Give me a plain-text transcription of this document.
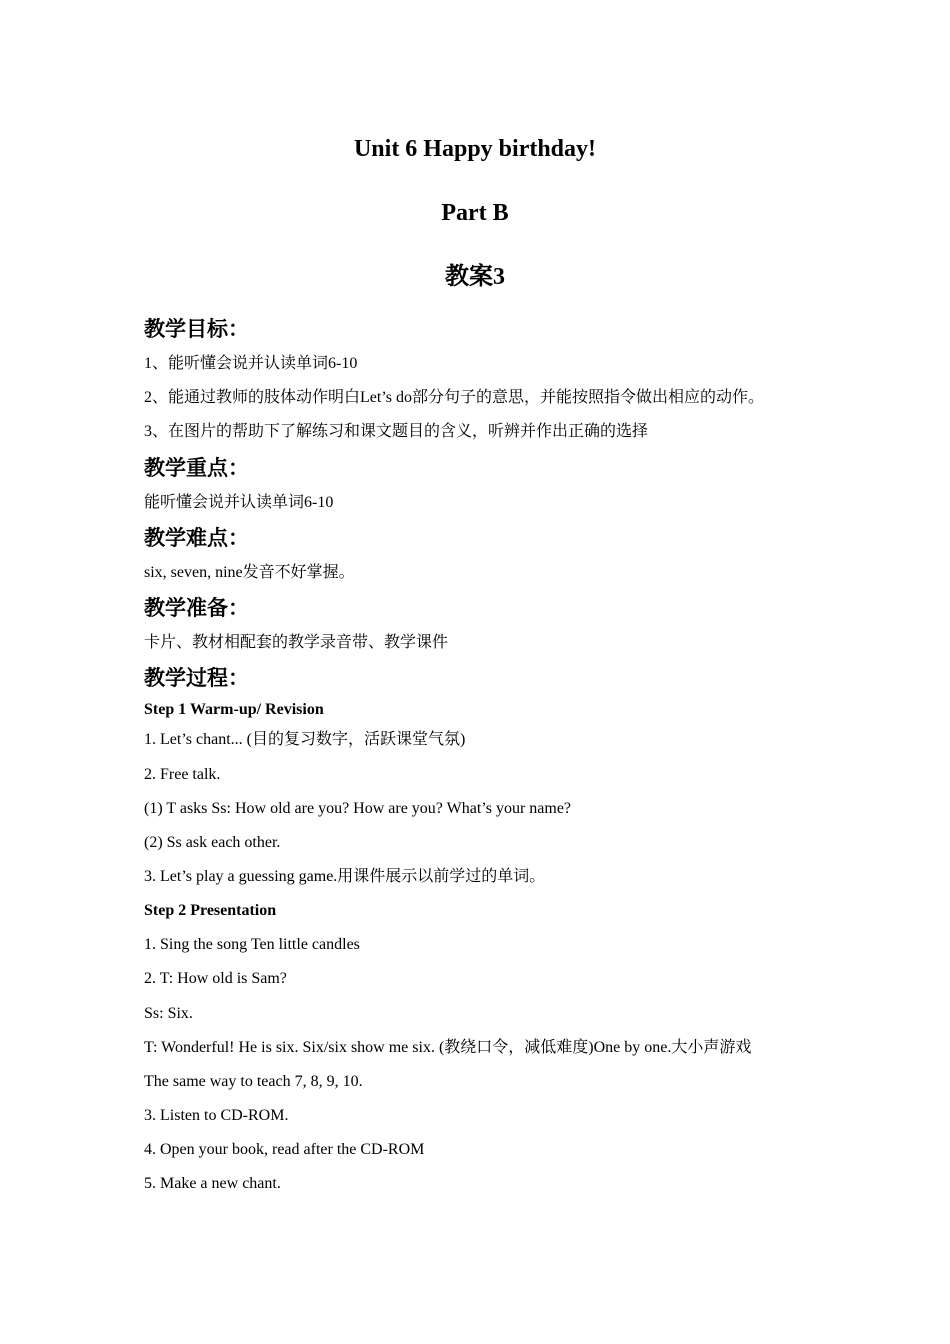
Unit 6 Happy birthday!
Part B
教案3
教学目标：
1、能听懂会说并认读单词6-10
2、能通过教师的肢体动作明白Let’s do部分句子的意思，并能按照指令做出相应的动作。
3、在图片的帮助下了解练习和课文题目的含义，听辨并作出正确的选择
教学重点：
能听懂会说并认读单词6-10
教学难点：
six, seven, nine发音不好掌握。
教学准备：
卡片、教材相配套的教学录音带、教学课件
教学过程：
Step 1 Warm-up/ Revision
1. Let’s chant... (目的复习数字，活跃课堂气氛)
2. Free talk.
(1) T asks Ss: How old are you? How are you? What’s your name?
(2) Ss ask each other.
3. Let’s play a guessing game.用课件展示以前学过的单词。
Step 2 Presentation
1. Sing the song Ten little candles
2. T: How old is Sam?
Ss: Six.
T: Wonderful! He is six. Six/six show me six. (教绕口令，减低难度)One by one.大小声游戏
The same way to teach 7, 8, 9, 10.
3. Listen to CD-ROM.
4. Open your book, read after the CD-ROM
5. Make a new chant.
